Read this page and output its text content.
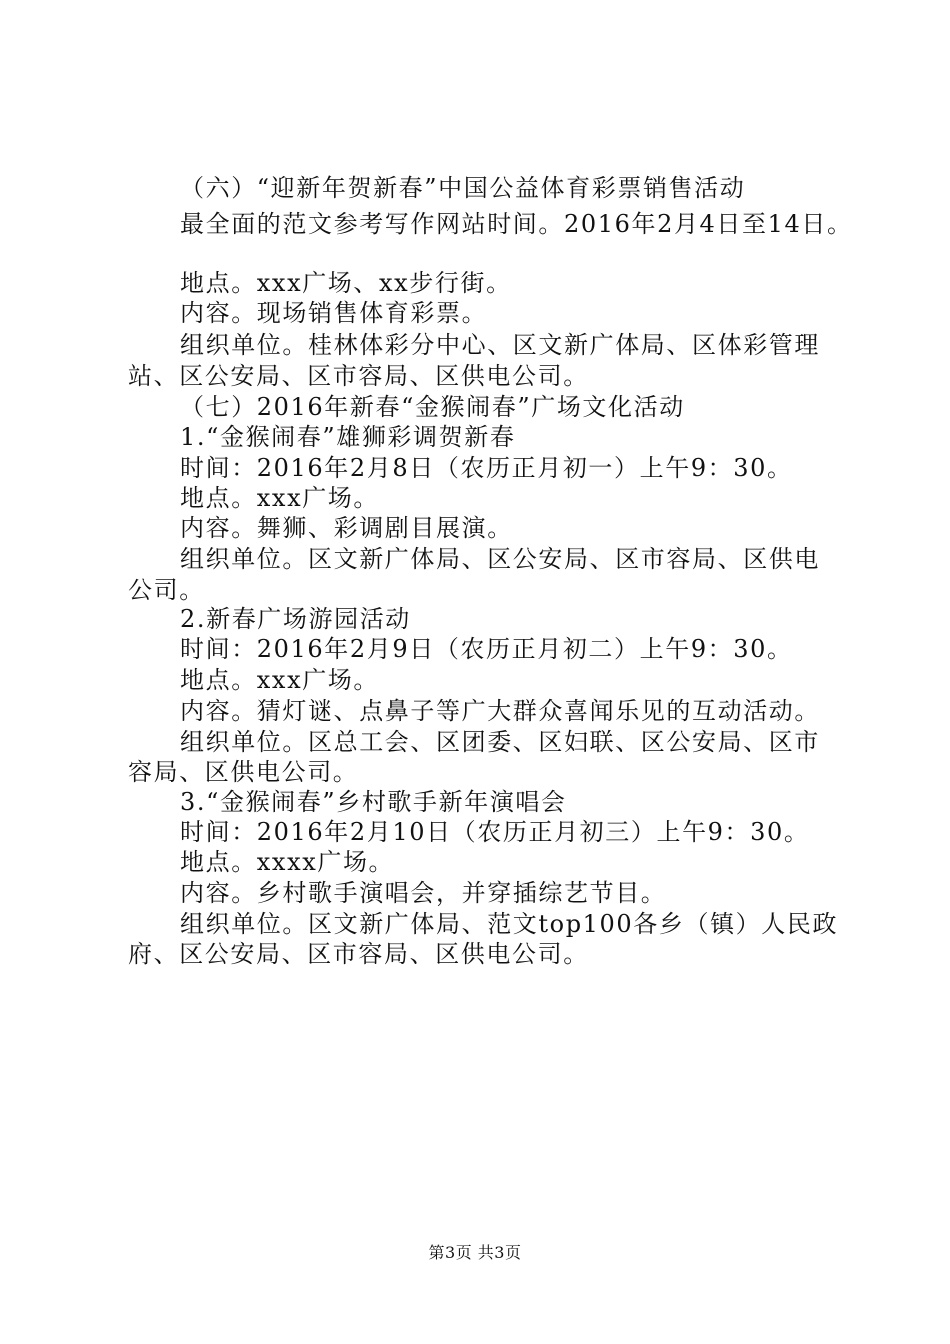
（六）“迎新年贺新春”中国公益体育彩票销售活动
最全面的范文参考写作网站时间。2016年2月4日至14日。
地点。xxx广场、xx步行街。
内容。现场销售体育彩票。
组织单位。桂林体彩分中心、区文新广体局、区体彩管理
站、区公安局、区市容局、区供电公司。
（七）2016年新春“金猴闹春”广场文化活动
1.“金猴闹春”雄狮彩调贺新春
时间：2016年2月8日（农历正月初一）上午9：30。
地点。xxx广场。
内容。舞狮、彩调剧目展演。
组织单位。区文新广体局、区公安局、区市容局、区供电
公司。
2.新春广场游园活动
时间：2016年2月9日（农历正月初二）上午9：30。
地点。xxx广场。
内容。猜灯谜、点鼻子等广大群众喜闻乐见的互动活动。
组织单位。区总工会、区团委、区妇联、区公安局、区市
容局、区供电公司。
3.“金猴闹春”乡村歌手新年演唱会
时间：2016年2月10日（农历正月初三）上午9：30。
地点。xxxx广场。
内容。乡村歌手演唱会，并穿插综艺节目。
组织单位。区文新广体局、范文top100各乡（镇）人民政
府、区公安局、区市容局、区供电公司。
第3页 共3页
